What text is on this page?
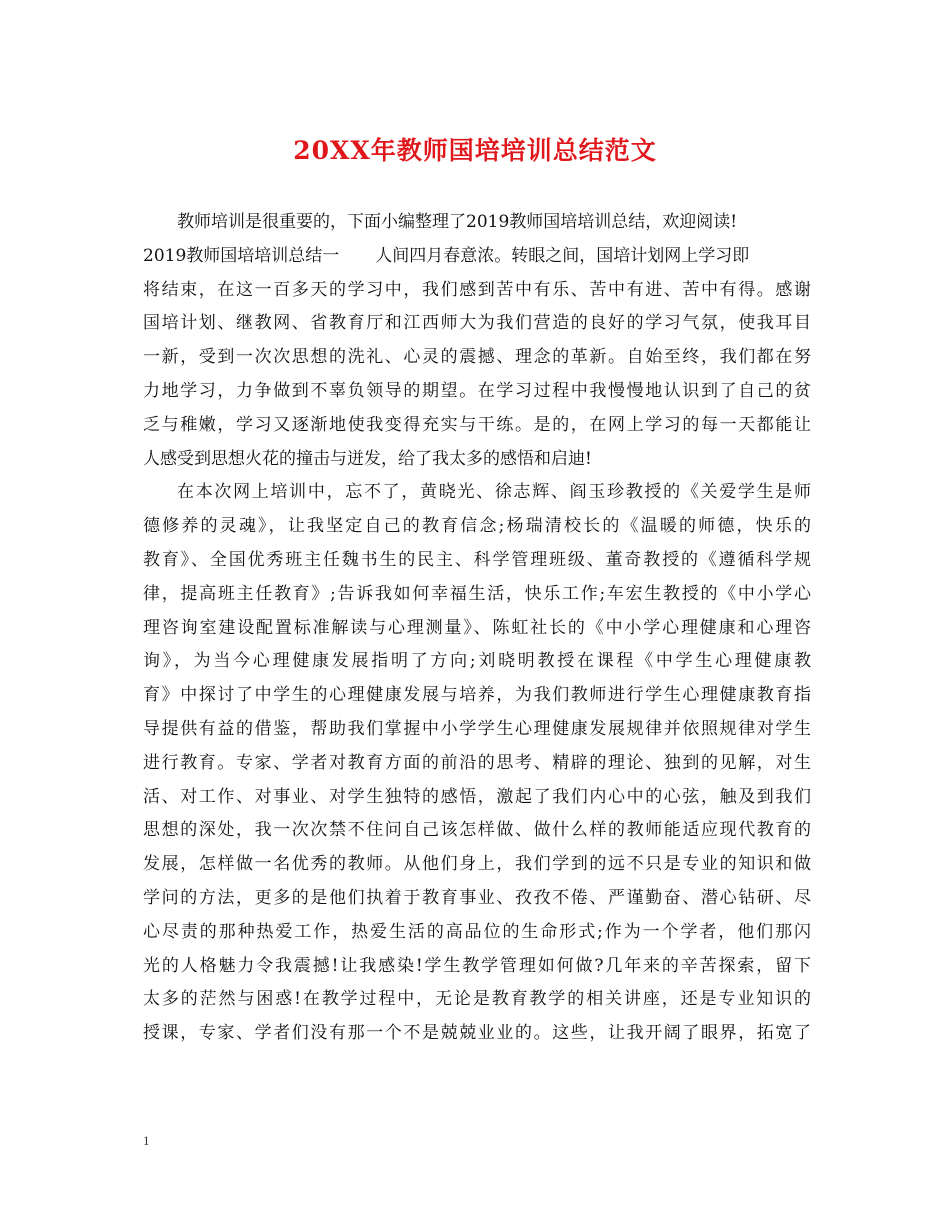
20XX年教师国培培训总结范文
教师培训是很重要的，下面小编整理了2019教师国培培训总结，欢迎阅读!
2019教师国培培训总结一 人间四月春意浓。转眼之间，国培计划网上学习即
将结束，在这一百多天的学习中，我们感到苦中有乐、苦中有进、苦中有得。感谢
国培计划、继教网、省教育厅和江西师大为我们营造的良好的学习气氛，使我耳目
一新，受到一次次思想的洗礼、心灵的震撼、理念的革新。自始至终，我们都在努
力地学习，力争做到不辜负领导的期望。在学习过程中我慢慢地认识到了自己的贫
乏与稚嫩，学习又逐渐地使我变得充实与干练。是的，在网上学习的每一天都能让
人感受到思想火花的撞击与迸发，给了我太多的感悟和启迪!
在本次网上培训中，忘不了，黄晓光、徐志辉、阎玉珍教授的《关爱学生是师
德修养的灵魂》，让我坚定自己的教育信念;杨瑞清校长的《温暖的师德，快乐的
教育》、全国优秀班主任魏书生的民主、科学管理班级、董奇教授的《遵循科学规
律，提高班主任教育》;告诉我如何幸福生活，快乐工作;车宏生教授的《中小学心
理咨询室建设配置标准解读与心理测量》、陈虹社长的《中小学心理健康和心理咨
询》，为当今心理健康发展指明了方向;刘晓明教授在课程《中学生心理健康教
育》中探讨了中学生的心理健康发展与培养，为我们教师进行学生心理健康教育指
导提供有益的借鉴，帮助我们掌握中小学学生心理健康发展规律并依照规律对学生
进行教育。专家、学者对教育方面的前沿的思考、精辟的理论、独到的见解，对生
活、对工作、对事业、对学生独特的感悟，激起了我们内心中的心弦，触及到我们
思想的深处，我一次次禁不住问自己该怎样做、做什么样的教师能适应现代教育的
发展，怎样做一名优秀的教师。从他们身上，我们学到的远不只是专业的知识和做
学问的方法，更多的是他们执着于教育事业、孜孜不倦、严谨勤奋、潜心钻研、尽
心尽责的那种热爱工作，热爱生活的高品位的生命形式;作为一个学者，他们那闪
光的人格魅力令我震撼!让我感染!学生教学管理如何做?几年来的辛苦探索，留下
太多的茫然与困惑!在教学过程中，无论是教育教学的相关讲座，还是专业知识的
授课，专家、学者们没有那一个不是兢兢业业的。这些，让我开阔了眼界，拓宽了
1
